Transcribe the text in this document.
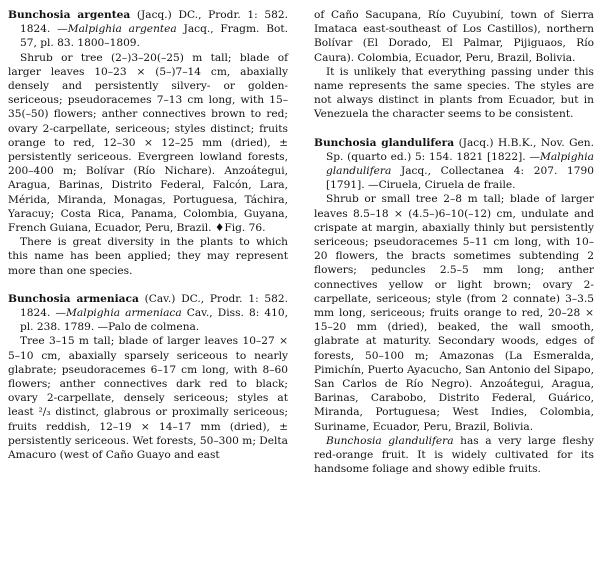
Bunchosia argentea (Jacq.) DC., Prodr. 1: 582. 1824. —Malpighia argentea Jacq., Fragm. Bot. 57, pl. 83. 1800–1809.

Shrub or tree (2–)3–20(–25) m tall; blade of larger leaves 10–23 × (5–)7–14 cm, abaxially densely and persistently silvery- or golden-sericeous; pseudoracemes 7–13 cm long, with 15–35(–50) flowers; anther connectives brown to red; ovary 2-carpellate, sericeous; styles distinct; fruits orange to red, 12–30 × 12–25 mm (dried), ± persistently sericeous. Evergreen lowland forests, 200–400 m; Bolívar (Río Nichare). Anzoátegui, Aragua, Barinas, Distrito Federal, Falcón, Lara, Mérida, Miranda, Monagas, Portuguesa, Táchira, Yaracuy; Costa Rica, Panama, Colombia, Guyana, French Guiana, Ecuador, Peru, Brazil. ♦Fig. 76.

There is great diversity in the plants to which this name has been applied; they may represent more than one species.

Bunchosia armeniaca (Cav.) DC., Prodr. 1: 582. 1824. —Malpighia armeniaca Cav., Diss. 8: 410, pl. 238. 1789. —Palo de colmena.

Tree 3–15 m tall; blade of larger leaves 10–27 × 5–10 cm, abaxially sparsely sericeous to nearly glabrate; pseudoracemes 6–17 cm long, with 8–60 flowers; anther connectives dark red to black; ovary 2-carpellate, densely sericeous; styles at least ²/₃ distinct, glabrous or proximally sericeous; fruits reddish, 12–19 × 14–17 mm (dried), ± persistently sericeous. Wet forests, 50–300 m; Delta Amacuro (west of Caño Guayo and east

of Caño Sacupana, Río Cuyubiní, town of Sierra Imataca east-southeast of Los Castillos), northern Bolívar (El Dorado, El Palmar, Pijiguaos, Río Caura). Colombia, Ecuador, Peru, Brazil, Bolivia.

It is unlikely that everything passing under this name represents the same species. The styles are not always distinct in plants from Ecuador, but in Venezuela the character seems to be consistent.

Bunchosia glandulifera (Jacq.) H.B.K., Nov. Gen. Sp. (quarto ed.) 5: 154. 1821 [1822]. —Malpighia glandulifera Jacq., Collectanea 4: 207. 1790 [1791]. —Ciruela, Ciruela de fraile.

Shrub or small tree 2–8 m tall; blade of larger leaves 8.5–18 × (4.5–)6–10(–12) cm, undulate and crispate at margin, abaxially thinly but persistently sericeous; pseudoracemes 5–11 cm long, with 10–20 flowers, the bracts sometimes subtending 2 flowers; peduncles 2.5–5 mm long; anther connectives yellow or light brown; ovary 2-carpellate, sericeous; style (from 2 connate) 3–3.5 mm long, sericeous; fruits orange to red, 20–28 × 15–20 mm (dried), beaked, the wall smooth, glabrate at maturity. Secondary woods, edges of forests, 50–100 m; Amazonas (La Esmeralda, Pimichín, Puerto Ayacucho, San Antonio del Sipapo, San Carlos de Río Negro). Anzoátegui, Aragua, Barinas, Carabobo, Distrito Federal, Guárico, Miranda, Portuguesa; West Indies, Colombia, Suriname, Ecuador, Peru, Brazil, Bolivia.

Bunchosia glandulifera has a very large fleshy red-orange fruit. It is widely cultivated for its handsome foliage and showy edible fruits.
